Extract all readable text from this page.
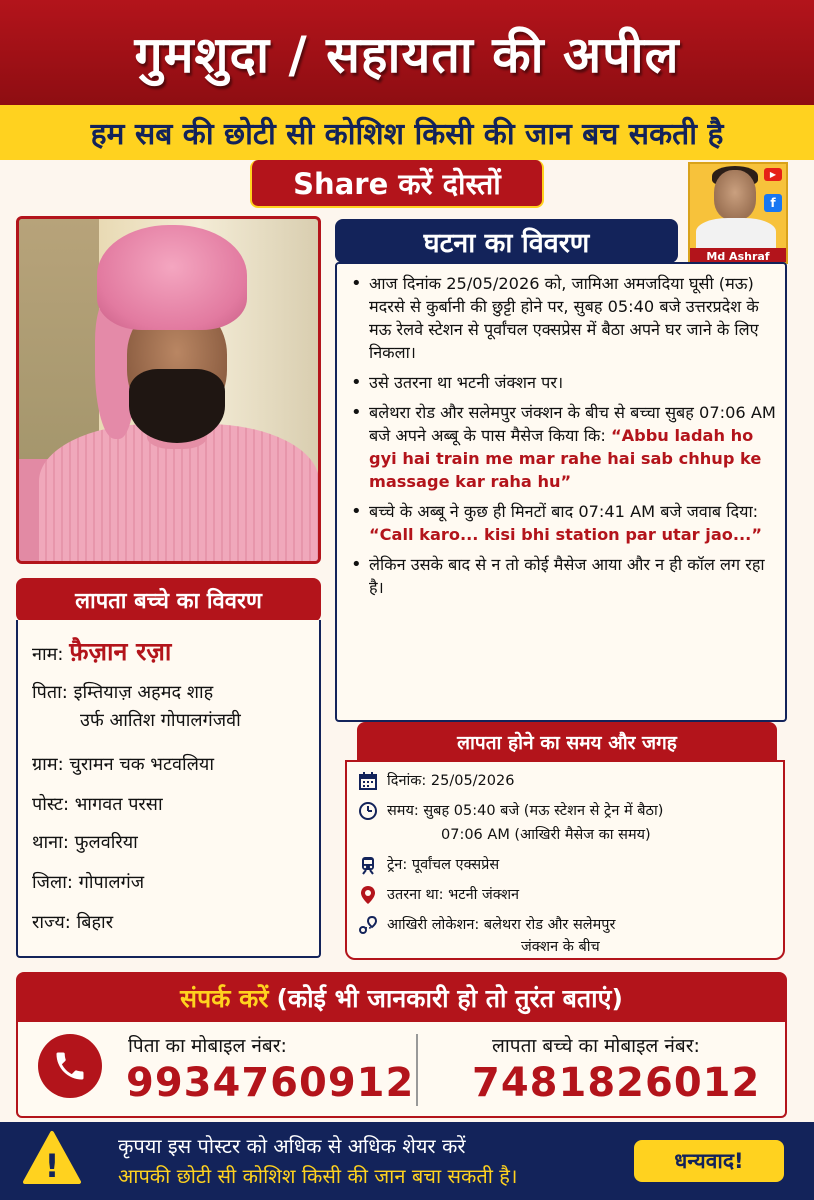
गुमशुदा / सहायता की अपील
हम सब की छोटी सी कोशिश किसी की जान बच सकती है
Share करें दोस्तों	▶
f
Md Ashraf
घटना का विवरण
• आज दिनांक 25/05/2026 को, जामिआ अमजदिया घूसी (मऊ) मदरसे से कुर्बानी की छुट्टी होने पर, सुबह 05:40 बजे उत्तरप्रदेश के मऊ रेलवे स्टेशन से पूर्वांचल एक्सप्रेस में बैठा अपने घर जाने के लिए निकला।
• उसे उतरना था भटनी जंक्शन पर।
• बलेथरा रोड और सलेमपुर जंक्शन के बीच से बच्चा सुबह 07:06 AM बजे अपने अब्बू के पास मैसेज किया कि: “Abbu ladah ho gyi hai train me mar rahe hai sab chhup ke massage kar raha hu”
• बच्चे के अब्बू ने कुछ ही मिनटों बाद 07:41 AM बजे जवाब दिया: “Call karo... kisi bhi station par utar jao...”
• लेकिन उसके बाद से न तो कोई मैसेज आया और न ही कॉल लग रहा है।
लापता बच्चे का विवरण
नाम: फ़ैज़ान रज़ा
पिता: इम्तियाज़ अहमद शाह
उर्फ आतिश गोपालगंजवी
ग्राम: चुरामन चक भटवलिया
पोस्ट: भागवत परसा
थाना: फुलवरिया
जिला: गोपालगंज
राज्य: बिहार
लापता होने का समय और जगह
दिनांक: 25/05/2026
समय: सुबह 05:40 बजे (मऊ स्टेशन से ट्रेन में बैठा)
07:06 AM (आखिरी मैसेज का समय)
ट्रेन: पूर्वांचल एक्सप्रेस
उतरना था: भटनी जंक्शन
आखिरी लोकेशन: बलेथरा रोड और सलेमपुर
जंक्शन के बीच
संपर्क करें (कोई भी जानकारी हो तो तुरंत बताएं)
पिता का मोबाइल नंबर:
9934760912
लापता बच्चे का मोबाइल नंबर:
7481826012
!
कृपया इस पोस्टर को अधिक से अधिक शेयर करें
आपकी छोटी सी कोशिश किसी की जान बचा सकती है।
धन्यवाद!
